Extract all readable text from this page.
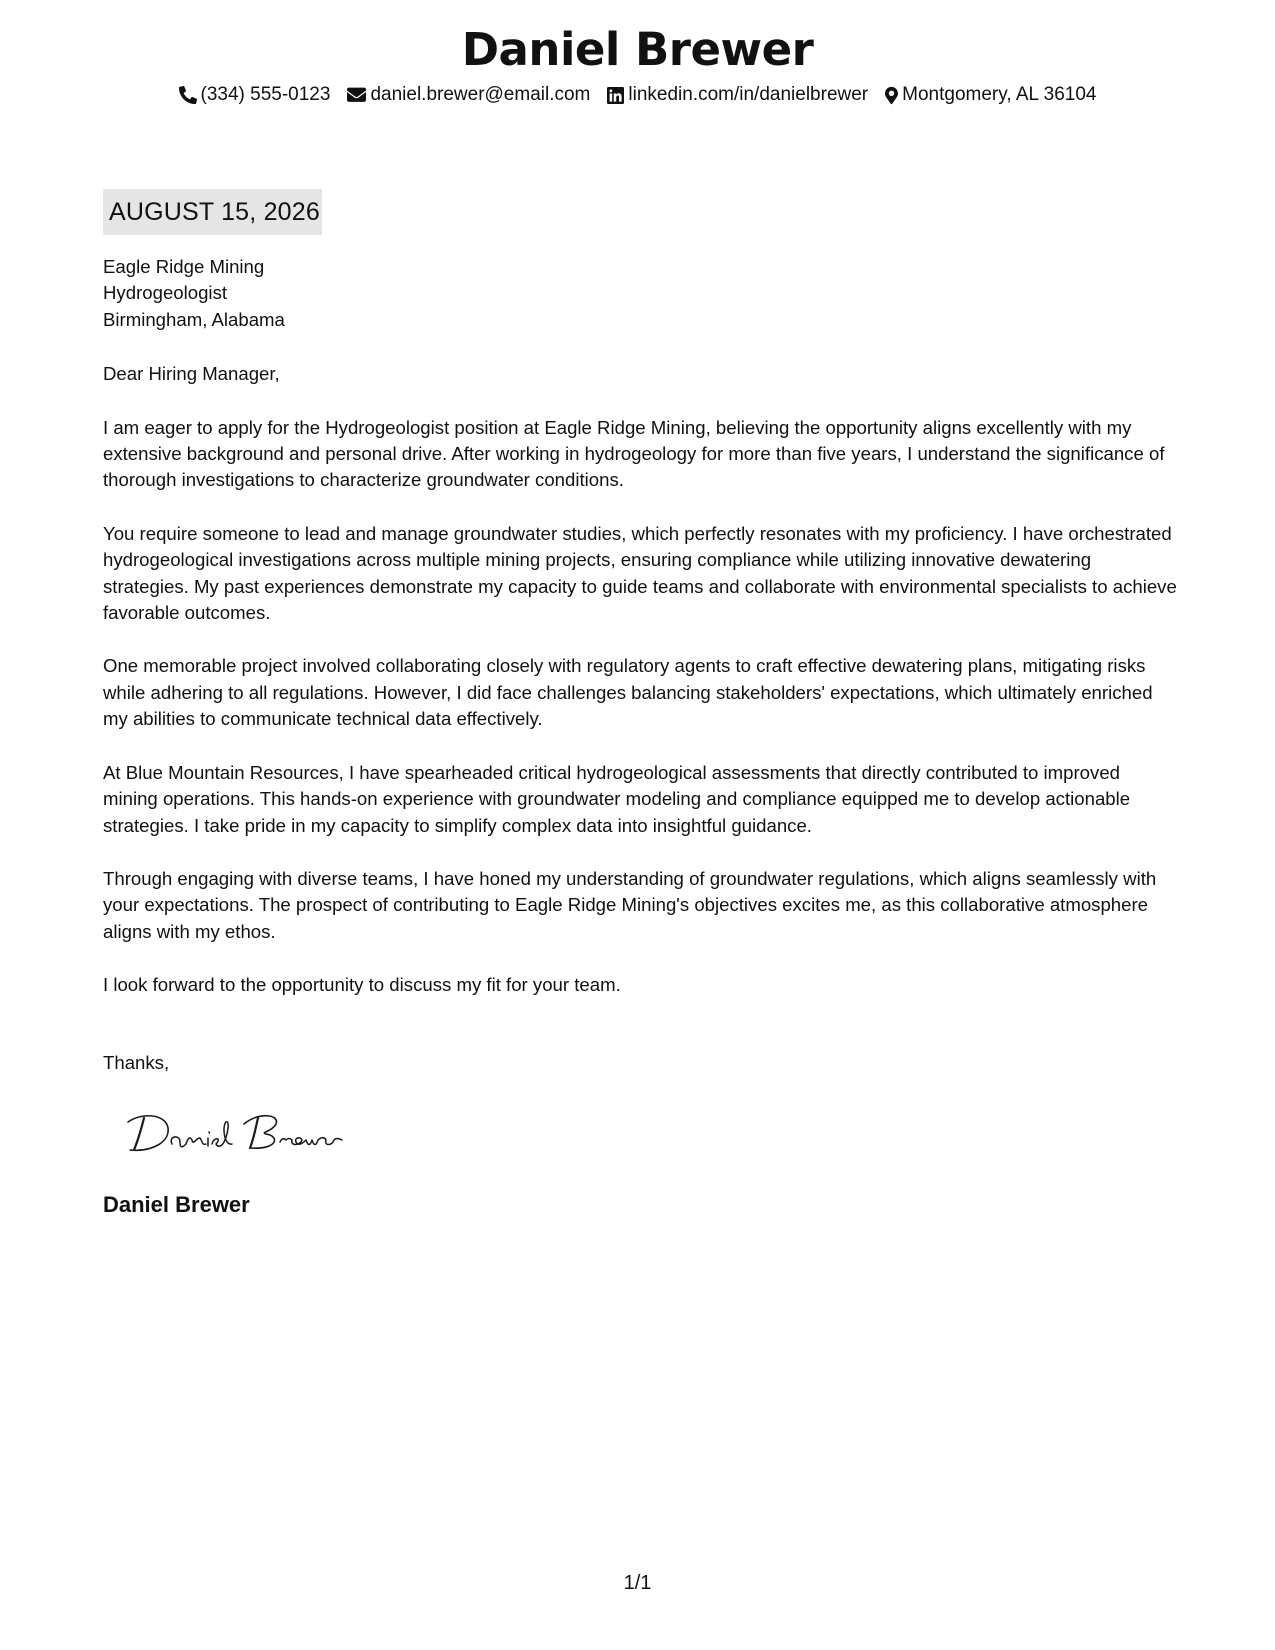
Daniel Brewer
(334) 555-0123 daniel.brewer@email.com linkedin.com/in/danielbrewer Montgomery, AL 36104
AUGUST 15, 2026

Eagle Ridge Mining

Hydrogeologist

Birmingham, Alabama

Dear Hiring Manager,

I am eager to apply for the Hydrogeologist position at Eagle Ridge Mining, believing the opportunity aligns excellently with my extensive background and personal drive. After working in hydrogeology for more than five years, I understand the significance of thorough investigations to characterize groundwater conditions.

You require someone to lead and manage groundwater studies, which perfectly resonates with my proficiency. I have orchestrated hydrogeological investigations across multiple mining projects, ensuring compliance while utilizing innovative dewatering strategies. My past experiences demonstrate my capacity to guide teams and collaborate with environmental specialists to achieve favorable outcomes.

One memorable project involved collaborating closely with regulatory agents to craft effective dewatering plans, mitigating risks while adhering to all regulations. However, I did face challenges balancing stakeholders' expectations, which ultimately enriched my abilities to communicate technical data effectively.

At Blue Mountain Resources, I have spearheaded critical hydrogeological assessments that directly contributed to improved mining operations. This hands-on experience with groundwater modeling and compliance equipped me to develop actionable strategies. I take pride in my capacity to simplify complex data into insightful guidance.

Through engaging with diverse teams, I have honed my understanding of groundwater regulations, which aligns seamlessly with your expectations. The prospect of contributing to Eagle Ridge Mining's objectives excites me, as this collaborative atmosphere aligns with my ethos.

I look forward to the opportunity to discuss my fit for your team.

Thanks,

Daniel Brewer
1/1
